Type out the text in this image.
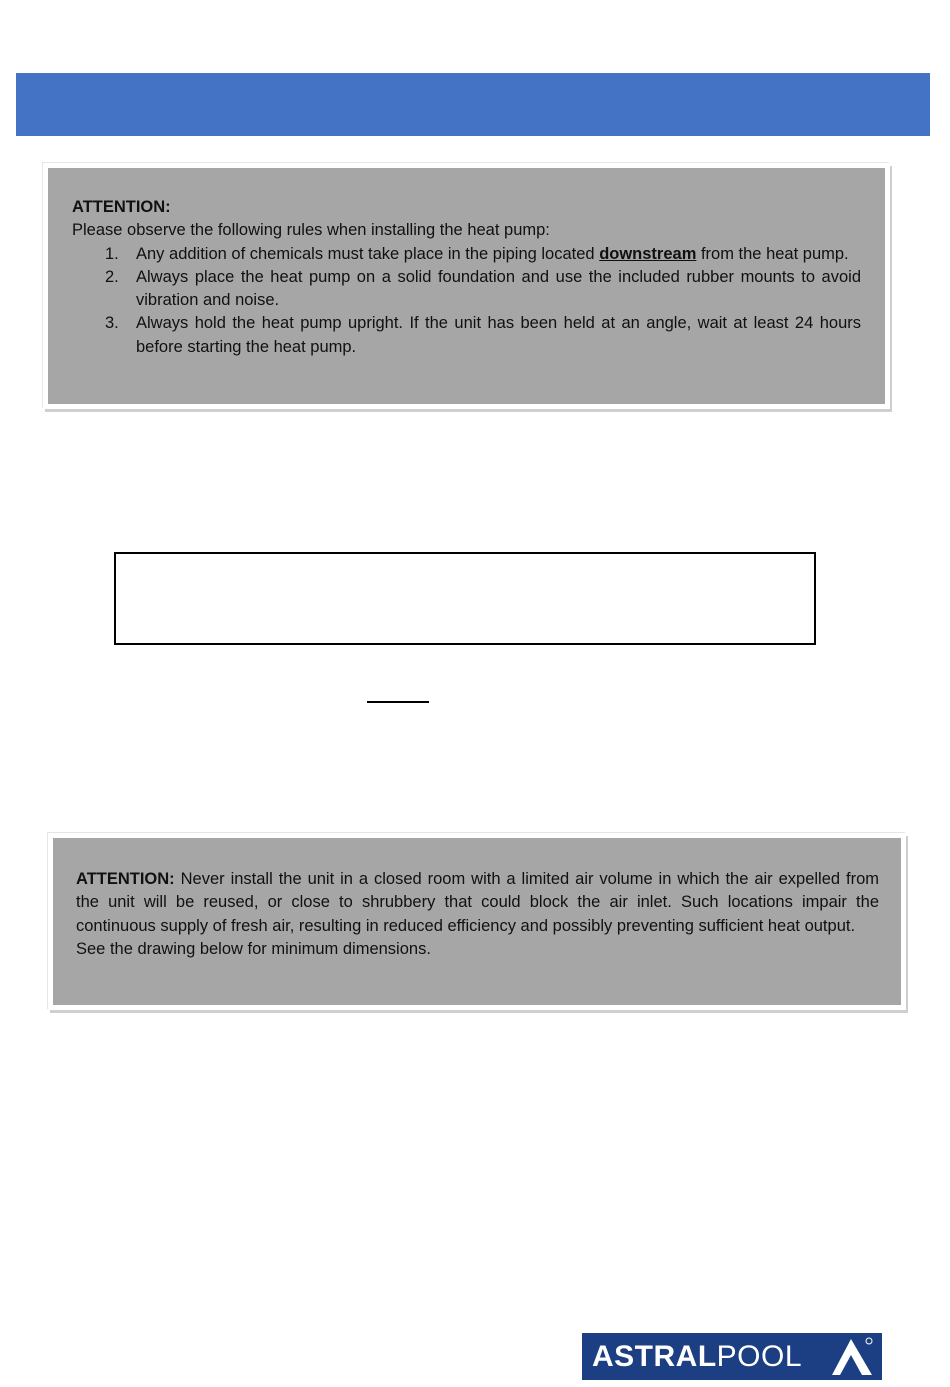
ATTENTION:
Please observe the following rules when installing the heat pump:
1. Any addition of chemicals must take place in the piping located downstream from the heat pump.
2. Always place the heat pump on a solid foundation and use the included rubber mounts to avoid vibration and noise.
3. Always hold the heat pump upright. If the unit has been held at an angle, wait at least 24 hours before starting the heat pump.
ATTENTION: Never install the unit in a closed room with a limited air volume in which the air expelled from the unit will be reused, or close to shrubbery that could block the air inlet. Such locations impair the continuous supply of fresh air, resulting in reduced efficiency and possibly preventing sufficient heat output.
See the drawing below for minimum dimensions.
ASTRAL POOL
